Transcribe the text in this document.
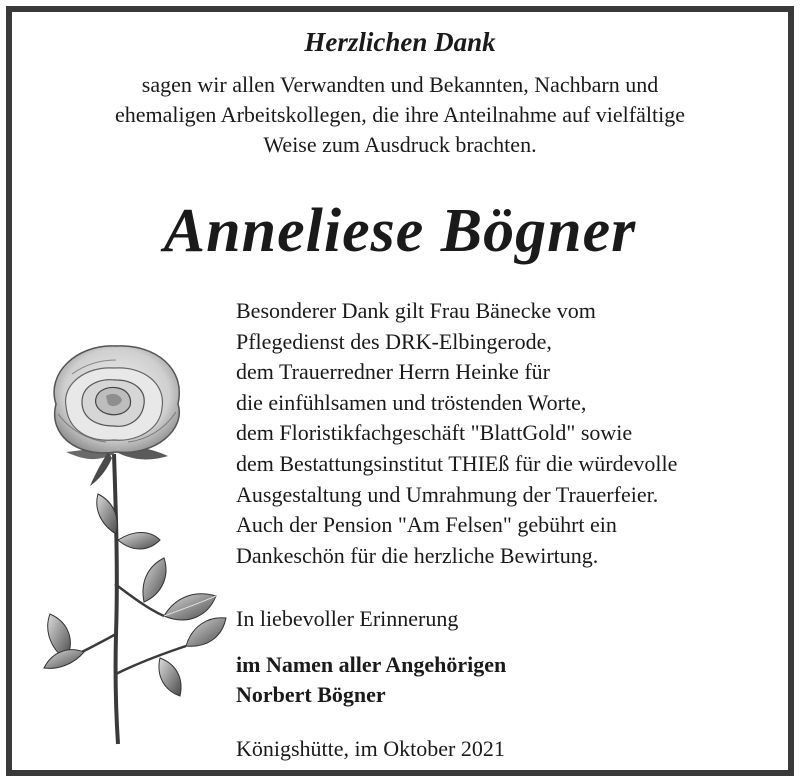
Herzlichen Dank
sagen wir allen Verwandten und Bekannten, Nachbarn und
ehemaligen Arbeitskollegen, die ihre Anteilnahme auf vielfältige
Weise zum Ausdruck brachten.
Anneliese Bögner
Besonderer Dank gilt Frau Bänecke vom
Pflegedienst des DRK-Elbingerode,
dem Trauerredner Herrn Heinke für
die einfühlsamen und tröstenden Worte,
dem Floristikfachgeschäft "BlattGold" sowie
dem Bestattungsinstitut THIEß für die würdevolle
Ausgestaltung und Umrahmung der Trauerfeier.
Auch der Pension "Am Felsen" gebührt ein
Dankeschön für die herzliche Bewirtung.
In liebevoller Erinnerung
im Namen aller Angehörigen
Norbert Bögner
Königshütte, im Oktober 2021
